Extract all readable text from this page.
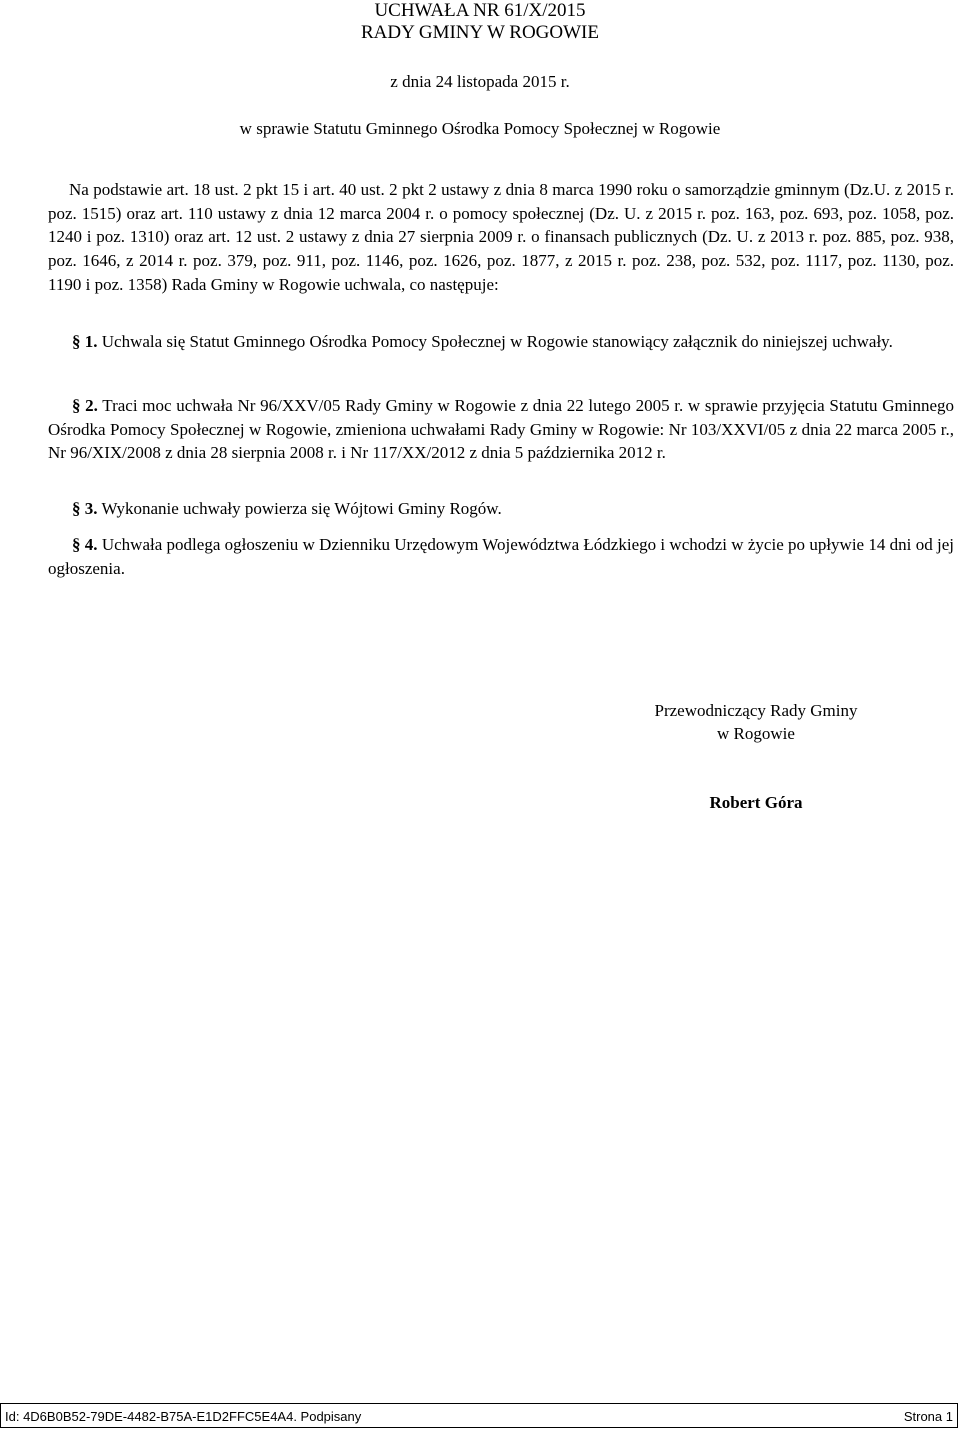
UCHWAŁA NR 61/X/2015

RADY GMINY W ROGOWIE

z dnia 24 listopada 2015 r.

w sprawie Statutu Gminnego Ośrodka Pomocy Społecznej w Rogowie

Na podstawie art. 18 ust. 2 pkt 15 i art. 40 ust. 2 pkt 2 ustawy z dnia 8 marca 1990 roku o samorządzie gminnym (Dz.U. z 2015 r. poz. 1515) oraz art. 110 ustawy z dnia 12 marca 2004 r. o pomocy społecznej (Dz. U. z 2015 r. poz. 163, poz. 693, poz. 1058, poz. 1240 i poz. 1310) oraz art. 12 ust. 2 ustawy z dnia 27 sierpnia 2009 r. o finansach publicznych (Dz. U. z 2013 r. poz. 885, poz. 938, poz. 1646, z 2014 r. poz. 379, poz. 911, poz. 1146, poz. 1626, poz. 1877, z 2015 r. poz. 238, poz. 532, poz. 1117, poz. 1130, poz. 1190 i poz. 1358) Rada Gminy w Rogowie uchwala, co następuje:

§ 1. Uchwala się Statut Gminnego Ośrodka Pomocy Społecznej w Rogowie stanowiący załącznik do niniejszej uchwały.

§ 2. Traci moc uchwała Nr 96/XXV/05 Rady Gminy w Rogowie z dnia 22 lutego 2005 r. w sprawie przyjęcia Statutu Gminnego Ośrodka Pomocy Społecznej w Rogowie, zmieniona uchwałami Rady Gminy w Rogowie: Nr 103/XXVI/05 z dnia 22 marca 2005 r., Nr 96/XIX/2008 z dnia 28 sierpnia 2008 r. i Nr 117/XX/2012 z dnia 5 października 2012 r.

§ 3. Wykonanie uchwały powierza się Wójtowi Gminy Rogów.

§ 4. Uchwała podlega ogłoszeniu w Dzienniku Urzędowym Województwa Łódzkiego i wchodzi w życie po upływie 14 dni od jej ogłoszenia.

Przewodniczący Rady Gminy

w Rogowie

Robert Góra

Id: 4D6B0B52-79DE-4482-B75A-E1D2FFC5E4A4. Podpisany	Strona 1
